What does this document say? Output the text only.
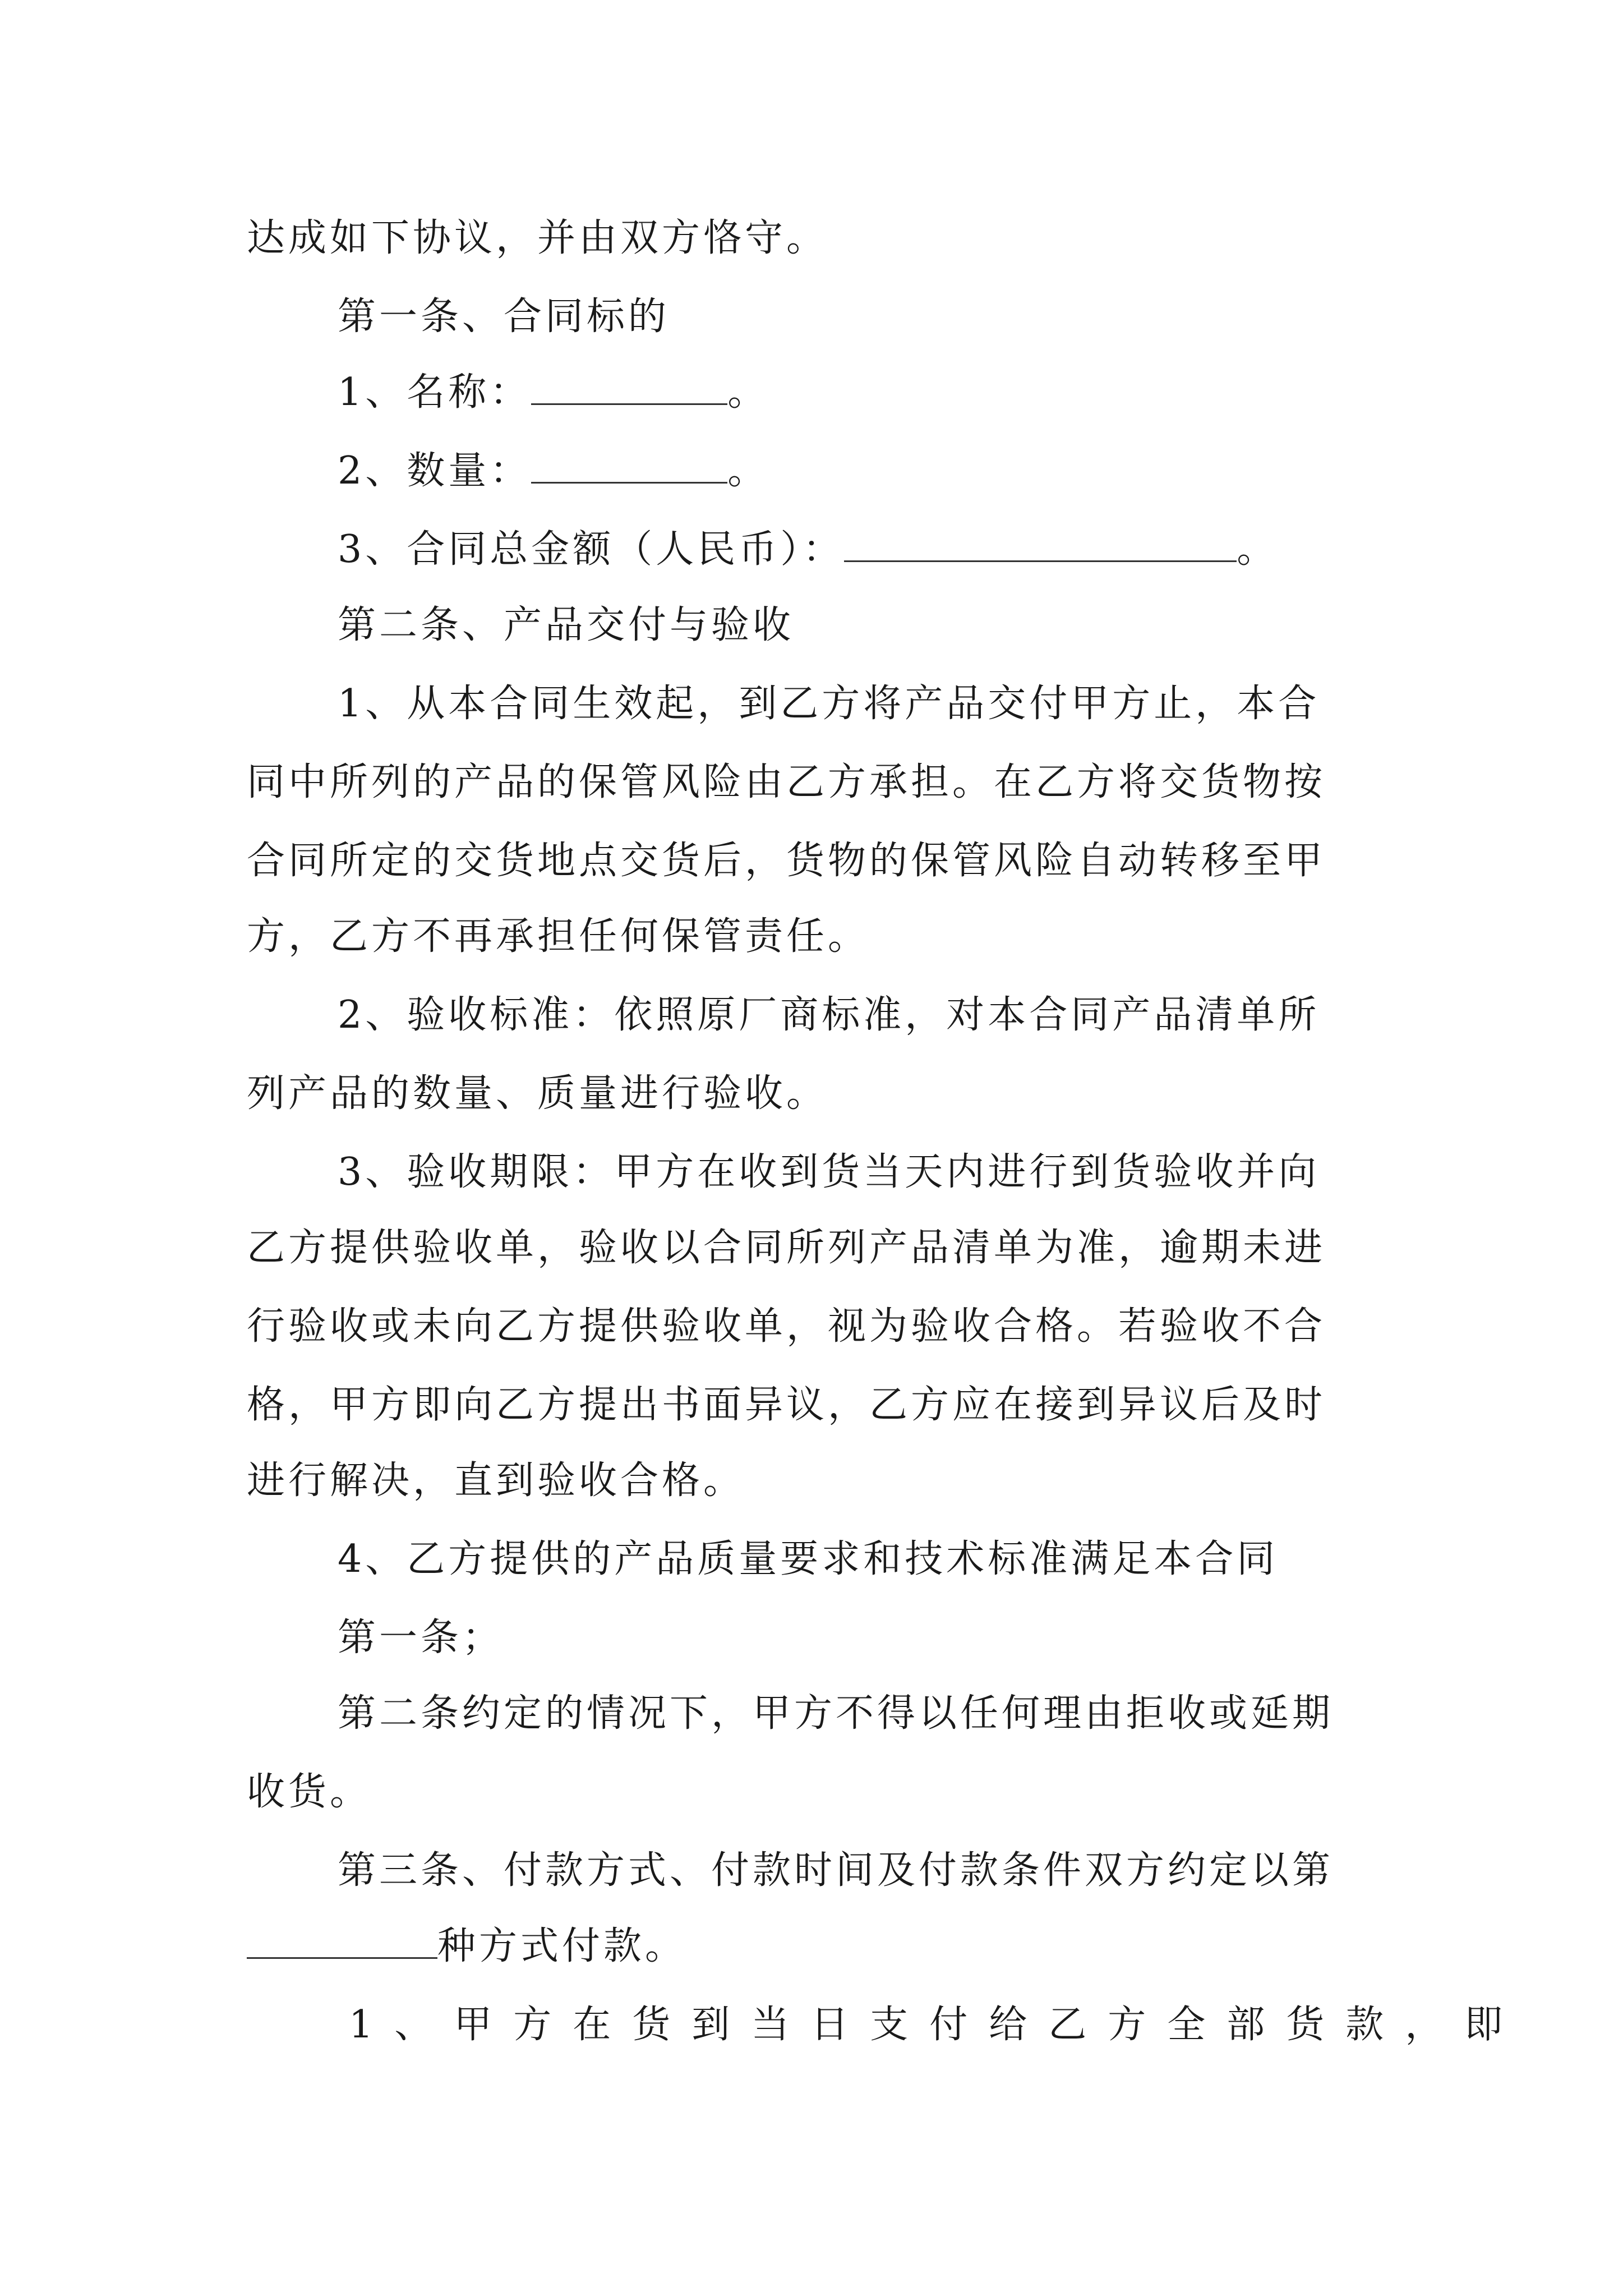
达成如下协议，并由双方恪守。
第一条、合同标的
1、名称：	。
2、数量：	。
3、合同总金额（人民币）：	。
第二条、产品交付与验收
1、从本合同生效起，到乙方将产品交付甲方止，本合
同中所列的产品的保管风险由乙方承担。在乙方将交货物按
合同所定的交货地点交货后，货物的保管风险自动转移至甲
方，乙方不再承担任何保管责任。
2、验收标准：依照原厂商标准，对本合同产品清单所
列产品的数量、质量进行验收。
3、验收期限：甲方在收到货当天内进行到货验收并向
乙方提供验收单，验收以合同所列产品清单为准，逾期未进
行验收或未向乙方提供验收单，视为验收合格。若验收不合
格，甲方即向乙方提出书面异议，乙方应在接到异议后及时
进行解决，直到验收合格。
4、乙方提供的产品质量要求和技术标准满足本合同
第一条；
第二条约定的情况下，甲方不得以任何理由拒收或延期
收货。
第三条、付款方式、付款时间及付款条件双方约定以第
种方式付款。
1、甲方在货到当日支付给乙方全部货款，即
